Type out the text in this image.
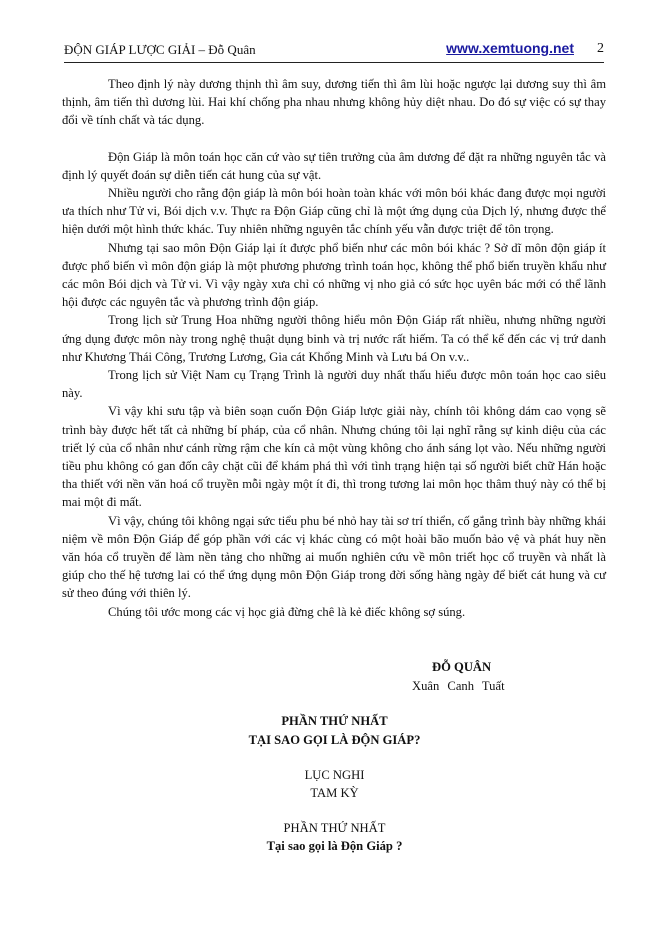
ĐỘN GIÁP LƯỢC GIẢI – Đỗ Quân	www.xemtuong.net 2

Theo định lý này dương thịnh thì âm suy, dương tiến thì âm lùi hoặc ngược lại dương suy thì âm thịnh, âm tiến thì dương lùi. Hai khí chống pha nhau nhưng không hủy diệt nhau. Do đó sự việc có sự thay đổi về tính chất và tác dụng.

Độn Giáp là môn toán học căn cứ vào sự tiên trưởng của âm dương để đặt ra những nguyên tắc và định lý quyết đoán sự diễn tiến cát hung của sự vật.

Nhiều người cho rằng độn giáp là môn bói hoàn toàn khác với môn bói khác đang được mọi người ưa thích như Tử vi, Bói dịch v.v. Thực ra Độn Giáp cũng chỉ là một ứng dụng của Dịch lý, nhưng được thể hiện dưới một hình thức khác. Tuy nhiên những nguyên tắc chính yếu vẫn được triệt để tôn trọng.

Nhưng tại sao môn Độn Giáp lại ít được phổ biến như các môn bói khác ? Sở dĩ môn độn giáp ít được phổ biến vì môn độn giáp là một phương phương trình toán học, không thể phổ biến truyền khẩu như các môn Bói dịch và Tử vi. Vì vậy ngày xưa chỉ có những vị nho giả có sức học uyên bác mới có thể lãnh hội được các nguyên tắc và phương trình độn giáp.

Trong lịch sử Trung Hoa những người thông hiểu môn Độn Giáp rất nhiều, nhưng những người ứng dụng được môn này trong nghệ thuật dụng binh và trị nước rất hiếm. Ta có thể kể đến các vị trứ danh như Khương Thái Công, Trương Lương, Gia cát Khổng Minh và Lưu bá On v.v..

Trong lịch sử Việt Nam cụ Trạng Trình là người duy nhất thấu hiểu được môn toán học cao siêu này.

Vì vậy khi sưu tập và biên soạn cuốn Độn Giáp lược giải này, chính tôi không dám cao vọng sẽ trình bày được hết tất cả những bí pháp, của cổ nhân. Nhưng chúng tôi lại nghĩ rằng sự kinh diệu của các triết lý của cổ nhân như cánh rừng rậm che kín cả một vùng không cho ánh sáng lọt vào. Nếu những người tiều phu không có gan đốn cây chặt cũi để khám phá thì với tình trạng hiện tại số người biết chữ Hán hoặc tha thiết với nền văn hoá cổ truyền mỗi ngày một ít đi, thì trong tương lai môn học thâm thuý này có thể bị mai một đi mất.

Vì vậy, chúng tôi không ngại sức tiểu phu bé nhỏ hay tài sơ trí thiển, cố gắng trình bày những khái niệm về môn Độn Giáp để góp phần với các vị khác cùng có một hoài bão muốn bảo vệ và phát huy nền văn hóa cổ truyền để làm nền tảng cho những ai muốn nghiên cứu về môn triết học cổ truyền và nhất là giúp cho thế hệ tương lai có thể ứng dụng môn Độn Giáp trong đời sống hàng ngày để biết cát hung và cư sử theo đúng với thiên lý.

Chúng tôi ước mong các vị học giả đừng chê là kẻ điếc không sợ súng.

ĐỖ QUÂN
Xuân Canh Tuất
PHẦN THỨ NHẤT
TẠI SAO GỌI LÀ ĐỘN GIÁP?
LỤC NGHI
TAM KỲ
PHẦN THỨ NHẤT
Tại sao gọi là Độn Giáp ?
